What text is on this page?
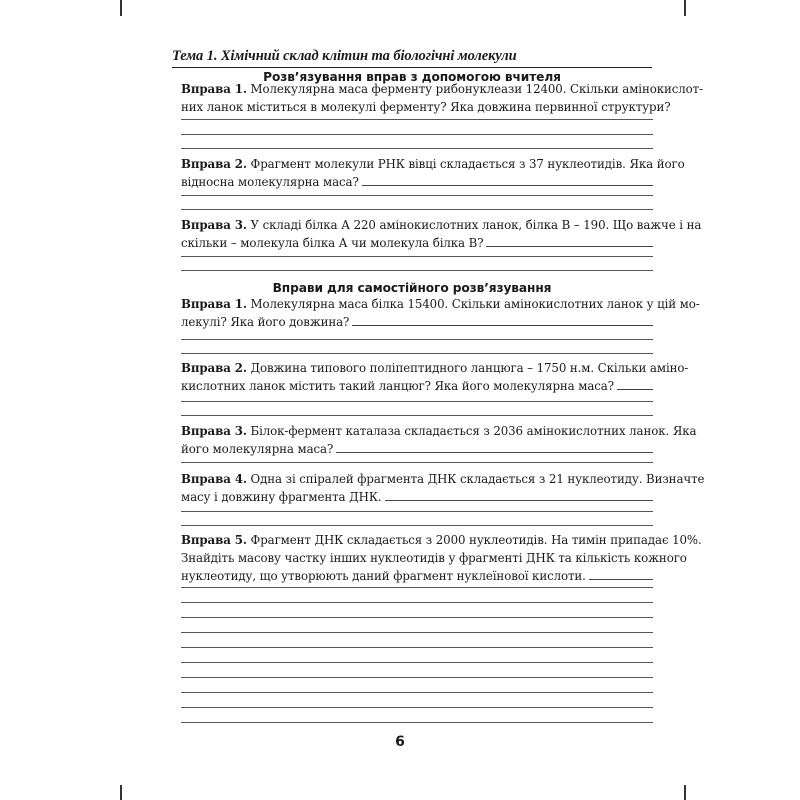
Тема 1. Хімічний склад клітин та біологічні молекули
Розв’язування вправ з допомогою вчителя
Вправа 1. Молекулярна маса ферменту рибонуклеази 12400. Скільки амінокислот-
них ланок міститься в молекулі ферменту? Яка довжина первинної структури?
Вправа 2. Фрагмент молекули РНК вівці складається з 37 нуклеотидів. Яка його
відносна молекулярна маса?
Вправа 3. У складі білка А 220 амінокислотних ланок, білка В – 190. Що важче і на
скільки – молекула білка А чи молекула білка В?
Вправи для самостійного розв’язування
Вправа 1. Молекулярна маса білка 15400. Скільки амінокислотних ланок у цій мо-
лекулі? Яка його довжина?
Вправа 2. Довжина типового поліпептидного ланцюга – 1750 н.м. Скільки аміно-
кислотних ланок містить такий ланцюг? Яка його молекулярна маса?
Вправа 3. Білок-фермент каталаза складається з 2036 амінокислотних ланок. Яка
його молекулярна маса?
Вправа 4. Одна зі спіралей фрагмента ДНК складається з 21 нуклеотиду. Визначте
масу і довжину фрагмента ДНК.
Вправа 5. Фрагмент ДНК складається з 2000 нуклеотидів. На тимін припадає 10%.
Знайдіть масову частку інших нуклеотидів у фрагменті ДНК та кількість кожного
нуклеотиду, що утворюють даний фрагмент нуклеїнової кислоти.
6
